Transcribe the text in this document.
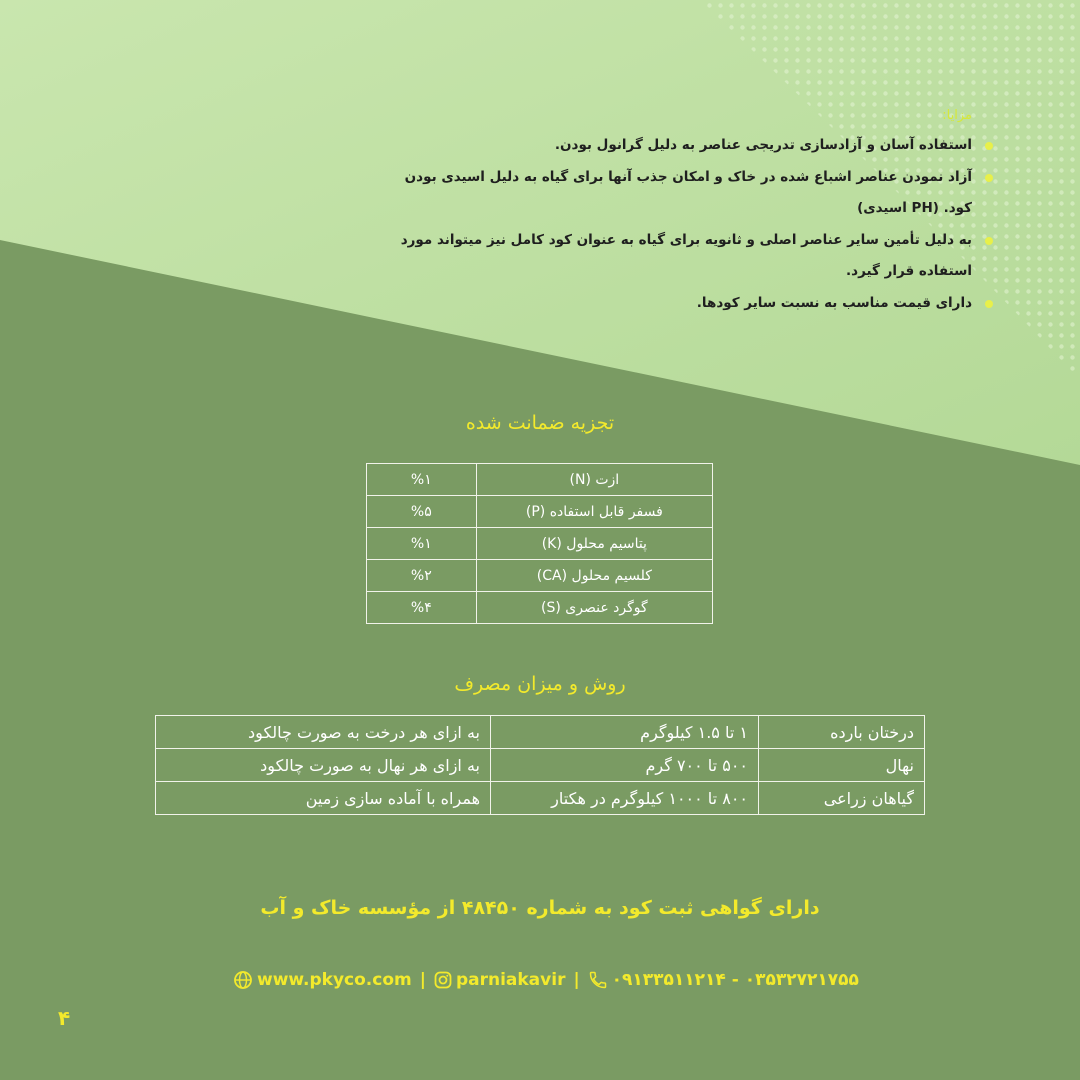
مزایا:
استفاده آسان و آزادسازی تدریجی عناصر به دلیل گرانول بودن.
آزاد نمودن عناصر اشباع شده در خاک و امکان جذب آنها برای گیاه به دلیل اسیدی بودن کود. (PH اسیدی)
به دلیل تأمین سایر عناصر اصلی و ثانویه برای گیاه به عنوان کود کامل نیز میتواند مورد استفاده قرار گیرد.
دارای قیمت مناسب به نسبت سایر کودها.
تجزیه ضمانت شده
ازت (N)	%۱
فسفر قابل استفاده (P)	%۵
پتاسیم محلول (K)	%۱
کلسیم محلول (CA)	%۲
گوگرد عنصری (S)	%۴
روش و میزان مصرف
درختان بارده	۱ تا ۱.۵ کیلوگرم	به ازای هر درخت به صورت چالکود
نهال	۵۰۰ تا ۷۰۰ گرم	به ازای هر نهال به صورت چالکود
گیاهان زراعی	۸۰۰ تا ۱۰۰۰ کیلوگرم در هکتار	همراه با آماده سازی زمین
دارای گواهی ثبت کود به شماره ۴۸۴۵۰ از مؤسسه خاک و آب
www.pkyco.com | parniakavir | ۰۹۱۳۳۵۱۱۲۱۴ - ۰۳۵۳۲۷۲۱۷۵۵
۴
